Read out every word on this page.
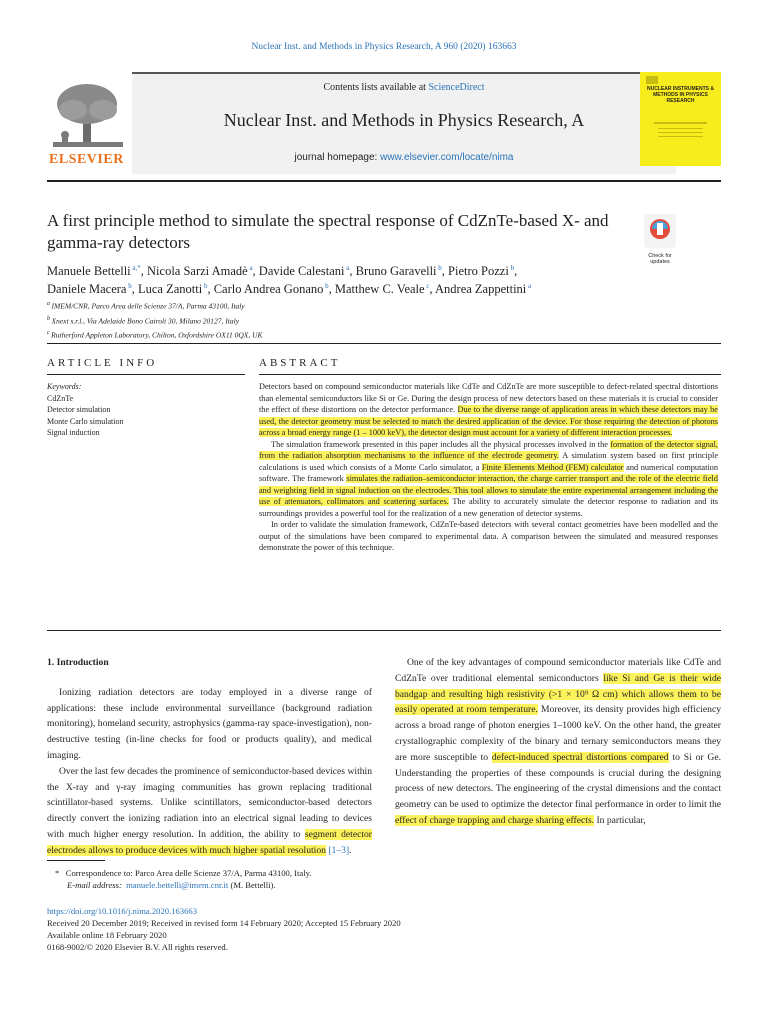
Nuclear Inst. and Methods in Physics Research, A 960 (2020) 163663
ELSEVIER
Contents lists available at ScienceDirect
Nuclear Inst. and Methods in Physics Research, A
journal homepage: www.elsevier.com/locate/nima
NUCLEAR INSTRUMENTS & METHODS IN PHYSICS RESEARCH
A first principle method to simulate the spectral response of CdZnTe-based X- and gamma-ray detectors
Check for updates
Manuele Bettelli $^{a,*}$, Nicola Sarzi Amadè $^a$, Davide Calestani $^a$, Bruno Garavelli $^b$, Pietro Pozzi $^b$,
Daniele Macera $^b$, Luca Zanotti $^b$, Carlo Andrea Gonano $^b$, Matthew C. Veale $^c$, Andrea Zappettini $^a$
$^a$ IMEM/CNR, Parco Area delle Scienze 37/A, Parma 43100, Italy
$^b$ Xnext s.r.l., Via Adelaide Bono Cairoli 30, Milano 20127, Italy
$^c$ Rutherford Appleton Laboratory, Chilton, Oxfordshire OX11 0QX, UK
ARTICLE INFO
Keywords:
CdZnTe
Detector simulation
Monte Carlo simulation
Signal induction
ABSTRACT

Detectors based on compound semiconductor materials like CdTe and CdZnTe are more susceptible to defect-related spectral distortions than elemental semiconductors like Si or Ge. During the design process of new detectors based on these materials it is crucial to consider the effect of these distortions on the detector performance. Due to the diverse range of application areas in which these detectors may be used, the detector geometry must be selected to match the desired application of the device. For those requiring the detection of photons across a broad energy range (1 – 1000 keV), the detector design must account for a variety of different interaction processes.

The simulation framework presented in this paper includes all the physical processes involved in the formation of the detector signal, from the radiation absorption mechanisms to the influence of the electrode geometry. A simulation system based on first principle calculations is used which consists of a Monte Carlo simulator, a Finite Elements Method (FEM) calculator and numerical computation software. The framework simulates the radiation–semiconductor interaction, the charge carrier transport and the role of the electric field and weighting field in signal induction on the electrodes. This tool allows to simulate the entire experimental arrangement including the use of attenuators, collimators and scattering surfaces. The ability to accurately simulate the detector response to radiation and its surroundings provides a powerful tool for the realization of a new generation of detector systems.

In order to validate the simulation framework, CdZnTe-based detectors with several contact geometries have been modelled and the output of the simulations have been compared to experimental data. A comparison between the simulated and measured responses demonstrate the power of this technique.

1. Introduction

Ionizing radiation detectors are today employed in a diverse range of applications: these include environmental surveillance (background radiation monitoring), homeland security, astrophysics (gamma-ray space-investigation), non-destructive testing (in-line checks for food or products quality), and medical imaging.

Over the last few decades the prominence of semiconductor-based devices within the X-ray and γ-ray imaging communities has grown replacing traditional scintillator-based systems. Unlike scintillators, semiconductor-based detectors directly convert the ionizing radiation into an electrical signal leading to devices with much higher energy resolution. In addition, the ability to segment detector electrodes allows to produce devices with much higher spatial resolution [1–3].

One of the key advantages of compound semiconductor materials like CdTe and CdZnTe over traditional elemental semiconductors like Si and Ge is their wide bandgap and resulting high resistivity (>1 × 10⁹ Ω cm) which allows them to be easily operated at room temperature. Moreover, its density provides high efficiency across a broad range of photon energies 1–1000 keV. On the other hand, the greater crystallographic complexity of the binary and ternary semiconductors means they are more susceptible to defect-induced spectral distortions compared to Si or Ge. Understanding the properties of these compounds is crucial during the designing process of new detectors. The engineering of the crystal dimensions and the contact geometry can be used to optimize the detector final performance in order to limit the effect of charge trapping and charge sharing effects. In particular,

* Correspondence to: Parco Area delle Scienze 37/A, Parma 43100, Italy.
E-mail address: manuele.bettelli@imem.cnr.it (M. Bettelli).
https://doi.org/10.1016/j.nima.2020.163663
Received 20 December 2019; Received in revised form 14 February 2020; Accepted 15 February 2020
Available online 18 February 2020
0168-9002/© 2020 Elsevier B.V. All rights reserved.
